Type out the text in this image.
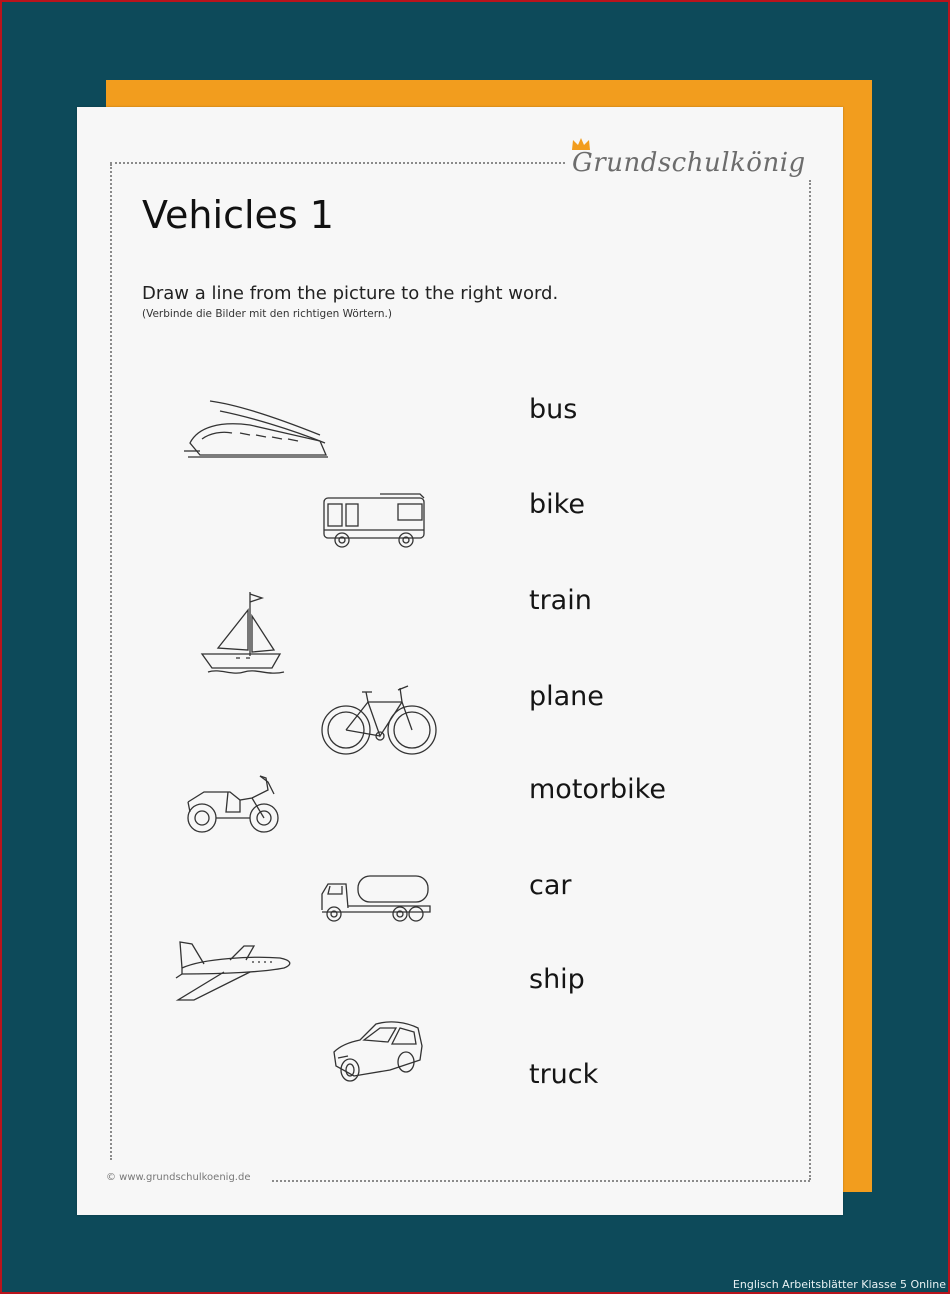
Grundschulkönig
Vehicles 1
Draw a line from the picture to the right word.
(Verbinde die Bilder mit den richtigen Wörtern.)
bus
bike
train
plane
motorbike
car
ship
truck
© www.grundschulkoenig.de
Englisch Arbeitsblätter Klasse 5 Online
